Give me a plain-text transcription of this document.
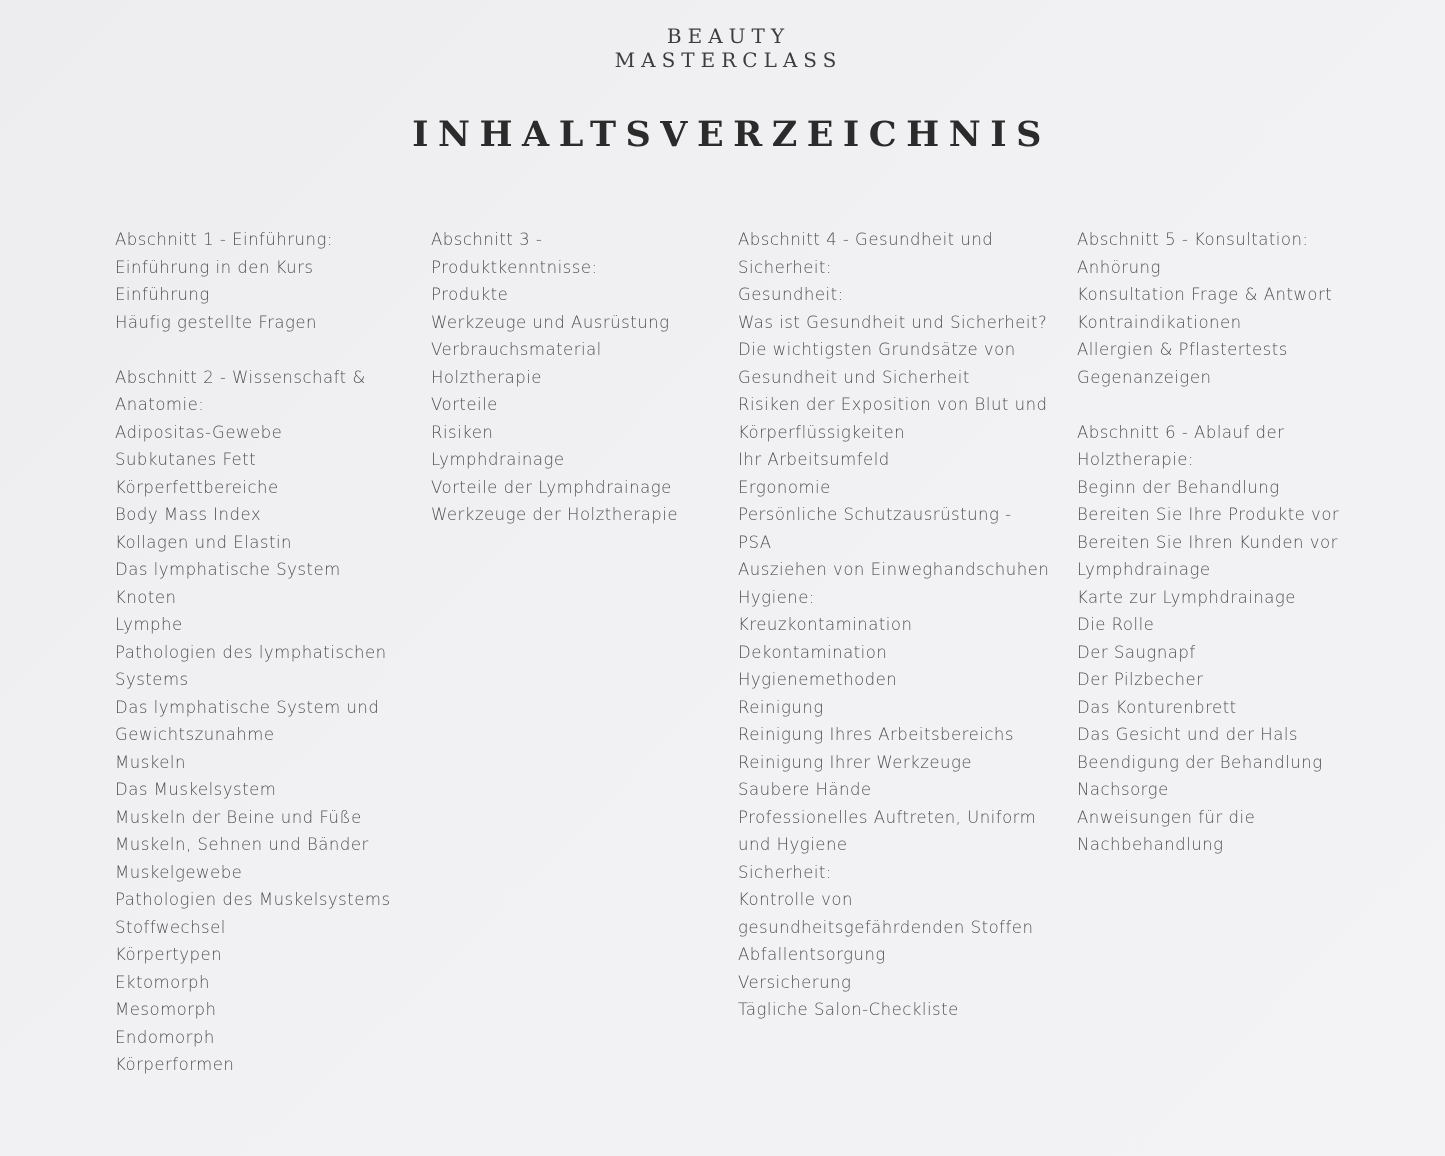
BEAUTY
MASTERCLASS
INHALTSVERZEICHNIS
Abschnitt 1 - Einführung:
Einführung in den Kurs
Einführung
Häufig gestellte Fragen
Abschnitt 2 - Wissenschaft &
Anatomie:
Adipositas-Gewebe
Subkutanes Fett
Körperfettbereiche
Body Mass Index
Kollagen und Elastin
Das lymphatische System
Knoten
Lymphe
Pathologien des lymphatischen
Systems
Das lymphatische System und
Gewichtszunahme
Muskeln
Das Muskelsystem
Muskeln der Beine und Füße
Muskeln, Sehnen und Bänder
Muskelgewebe
Pathologien des Muskelsystems
Stoffwechsel
Körpertypen
Ektomorph
Mesomorph
Endomorph
Körperformen
Abschnitt 3 -
Produktkenntnisse:
Produkte
Werkzeuge und Ausrüstung
Verbrauchsmaterial
Holztherapie
Vorteile
Risiken
Lymphdrainage
Vorteile der Lymphdrainage
Werkzeuge der Holztherapie
Abschnitt 4 - Gesundheit und
Sicherheit:
Gesundheit:
Was ist Gesundheit und Sicherheit?
Die wichtigsten Grundsätze von
Gesundheit und Sicherheit
Risiken der Exposition von Blut und
Körperflüssigkeiten
Ihr Arbeitsumfeld
Ergonomie
Persönliche Schutzausrüstung -
PSA
Ausziehen von Einweghandschuhen
Hygiene:
Kreuzkontamination
Dekontamination
Hygienemethoden
Reinigung
Reinigung Ihres Arbeitsbereichs
Reinigung Ihrer Werkzeuge
Saubere Hände
Professionelles Auftreten, Uniform
und Hygiene
Sicherheit:
Kontrolle von
gesundheitsgefährdenden Stoffen
Abfallentsorgung
Versicherung
Tägliche Salon-Checkliste
Abschnitt 5 - Konsultation:
Anhörung
Konsultation Frage & Antwort
Kontraindikationen
Allergien & Pflastertests
Gegenanzeigen
Abschnitt 6 - Ablauf der
Holztherapie:
Beginn der Behandlung
Bereiten Sie Ihre Produkte vor
Bereiten Sie Ihren Kunden vor
Lymphdrainage
Karte zur Lymphdrainage
Die Rolle
Der Saugnapf
Der Pilzbecher
Das Konturenbrett
Das Gesicht und der Hals
Beendigung der Behandlung
Nachsorge
Anweisungen für die
Nachbehandlung
